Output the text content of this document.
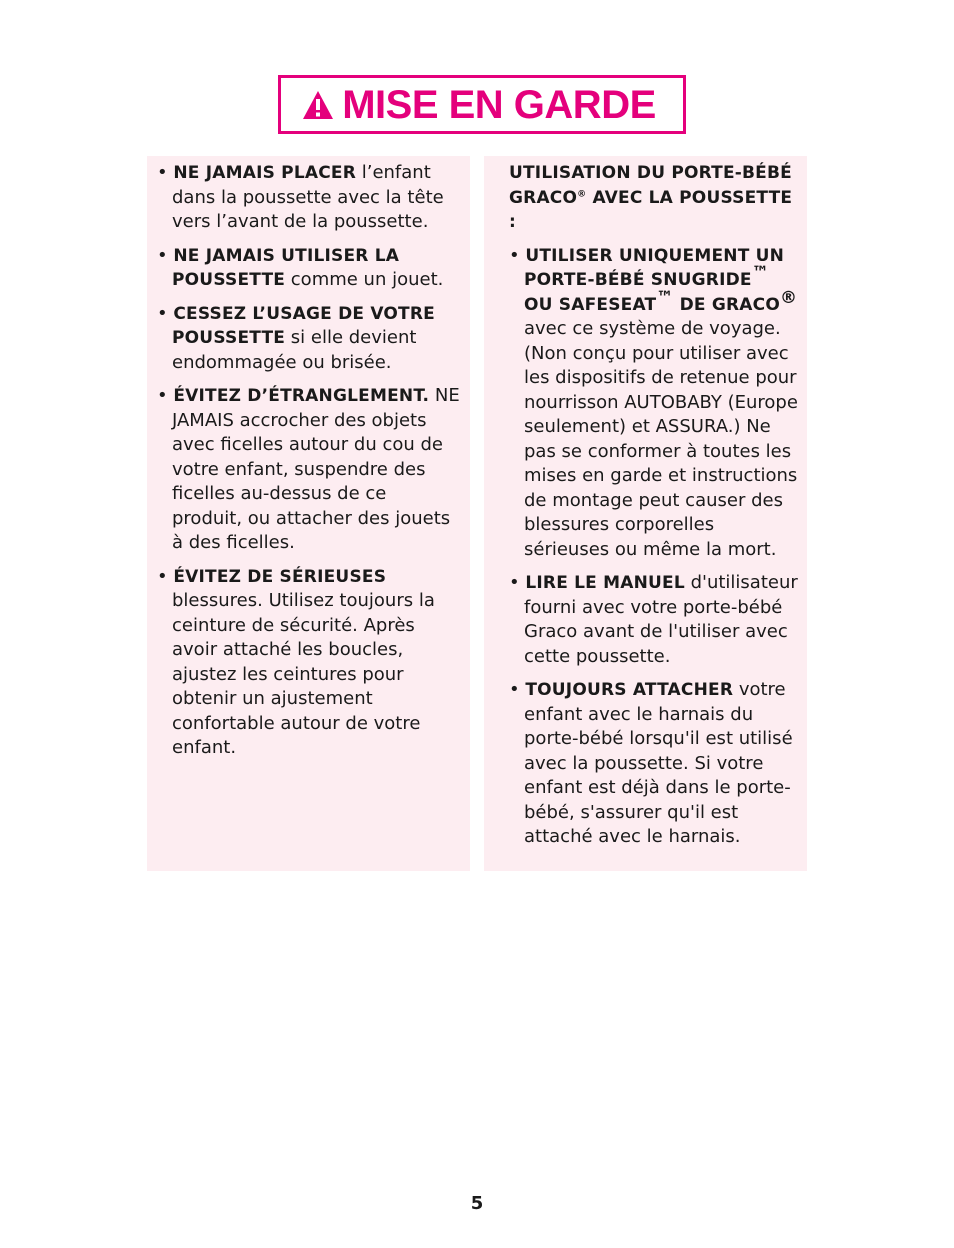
MISE EN GARDE

• NE JAMAIS PLACER l’enfant dans la poussette avec la tête vers l’avant de la poussette.

• NE JAMAIS UTILISER LA POUSSETTE comme un jouet.

• CESSEZ L’USAGE DE VOTRE POUSSETTE si elle devient endommagée ou brisée.

• ÉVITEZ D’ÉTRANGLEMENT. NE JAMAIS accrocher des objets avec ficelles autour du cou de votre enfant, suspendre des ficelles au-dessus de ce produit, ou attacher des jouets à des ficelles.

• ÉVITEZ DE SÉRIEUSES blessures. Utilisez toujours la ceinture de sécurité. Après avoir attaché les boucles, ajustez les ceintures pour obtenir un ajustement confortable autour de votre enfant.

UTILISATION DU PORTE-BÉBÉ GRACO® AVEC LA POUSSETTE :

• UTILISER UNIQUEMENT UN PORTE-BÉBÉ SNUGRIDE™ OU SAFESEAT™ DE GRACO® avec ce système de voyage. (Non conçu pour utiliser avec les dispositifs de retenue pour nourrisson AUTOBABY (Europe seulement) et ASSURA.) Ne pas se conformer à toutes les mises en garde et instructions de montage peut causer des blessures corporelles sérieuses ou même la mort.

• LIRE LE MANUEL d'utilisateur fourni avec votre porte-bébé Graco avant de l'utiliser avec cette poussette.

• TOUJOURS ATTACHER votre enfant avec le harnais du porte-bébé lorsqu'il est utilisé avec la poussette. Si votre enfant est déjà dans le porte-bébé, s'assurer qu'il est attaché avec le harnais.

5
